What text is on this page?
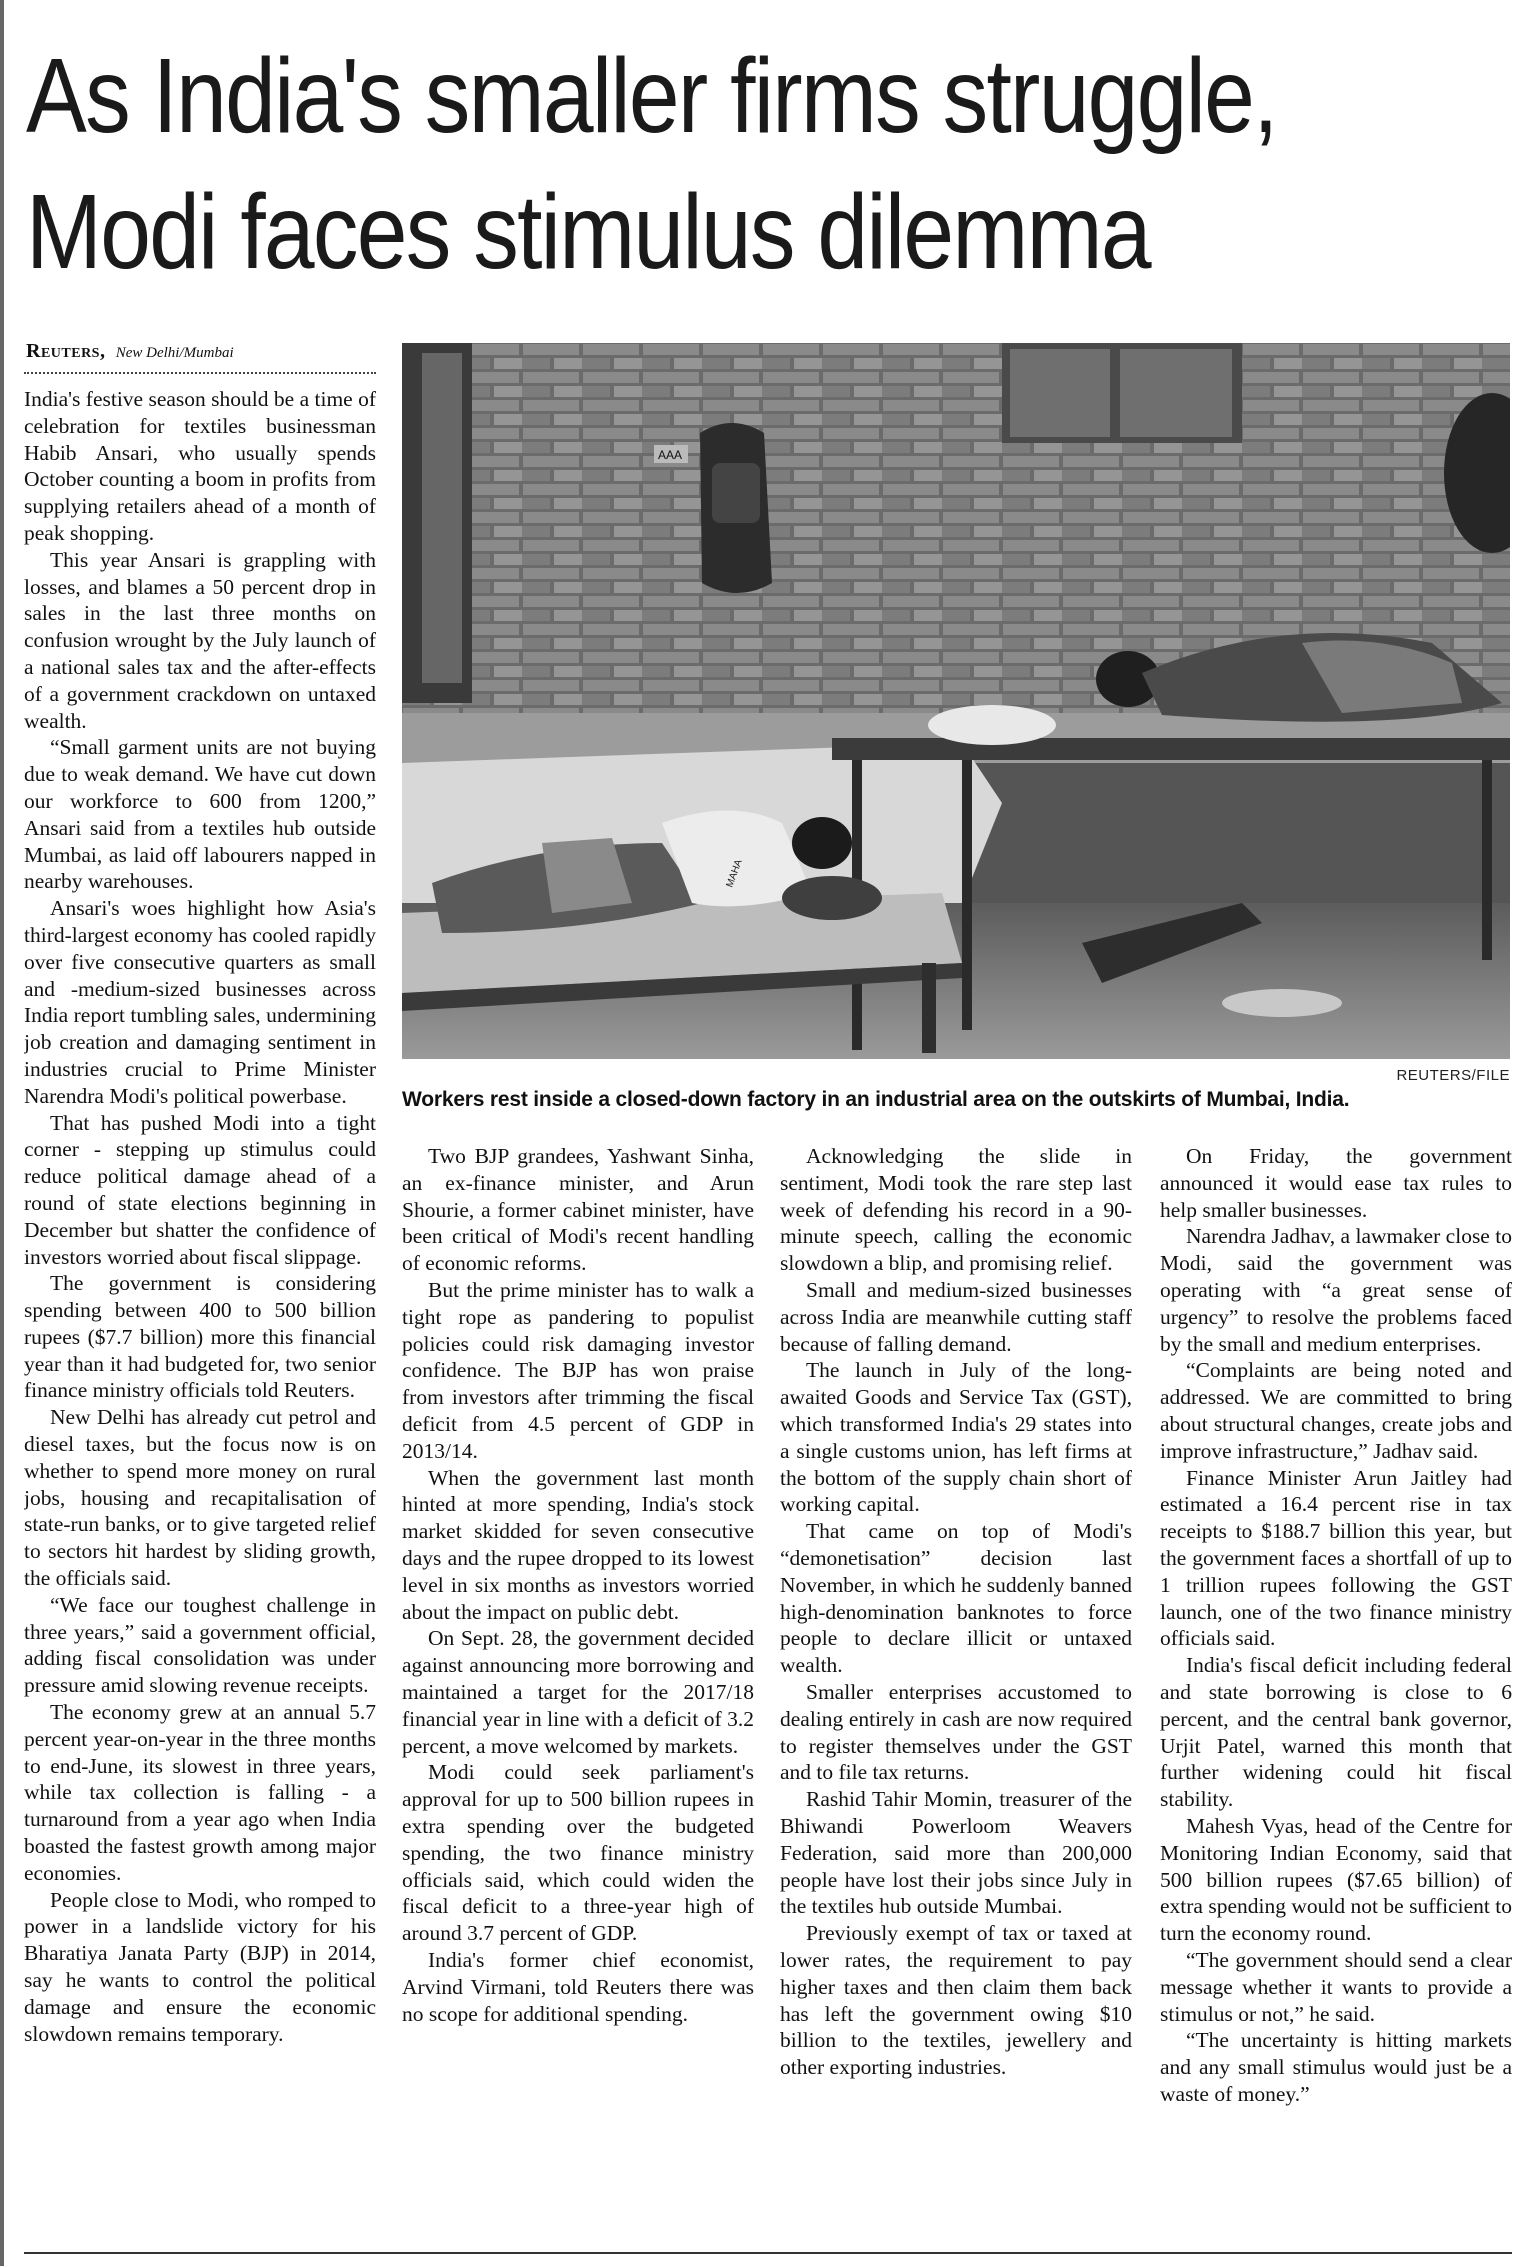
As India's smaller firms struggle,
Modi faces stimulus dilemma
Reuters, New Delhi/Mumbai
AAA
MAHA
REUTERS/FILE
Workers rest inside a closed-down factory in an industrial area on the outskirts of Mumbai, India.

India's festive season should be a time of celebration for textiles businessman Habib Ansari, who usually spends October counting a boom in profits from supplying retailers ahead of a month of peak shopping.

This year Ansari is grappling with losses, and blames a 50 percent drop in sales in the last three months on confusion wrought by the July launch of a national sales tax and the after-effects of a government crackdown on untaxed wealth.

“Small garment units are not buying due to weak demand. We have cut down our workforce to 600 from 1200,” Ansari said from a textiles hub outside Mumbai, as laid off labourers napped in nearby warehouses.

Ansari's woes highlight how Asia's third-largest economy has cooled rapidly over five consecutive quarters as small and -medium-sized businesses across India report tumbling sales, undermining job creation and damaging sentiment in industries crucial to Prime Minister Narendra Modi's political powerbase.

That has pushed Modi into a tight corner - stepping up stimulus could reduce political damage ahead of a round of state elections beginning in December but shatter the confidence of investors worried about fiscal slippage.

The government is considering spending between 400 to 500 billion rupees ($7.7 billion) more this financial year than it had budgeted for, two senior finance ministry officials told Reuters.

New Delhi has already cut petrol and diesel taxes, but the focus now is on whether to spend more money on rural jobs, housing and recapitalisation of state-run banks, or to give targeted relief to sectors hit hardest by sliding growth, the officials said.

“We face our toughest challenge in three years,” said a government official, adding fiscal consolidation was under pressure amid slowing revenue receipts.

The economy grew at an annual 5.7 percent year-on-year in the three months to end-June, its slowest in three years, while tax collection is falling - a turnaround from a year ago when India boasted the fastest growth among major economies.

People close to Modi, who romped to power in a landslide victory for his Bharatiya Janata Party (BJP) in 2014, say he wants to control the political damage and ensure the economic slowdown remains temporary.

Two BJP grandees, Yashwant Sinha, an ex-finance minister, and Arun Shourie, a former cabinet minister, have been critical of Modi's recent handling of economic reforms.

But the prime minister has to walk a tight rope as pandering to populist policies could risk damaging investor confidence. The BJP has won praise from investors after trimming the fiscal deficit from 4.5 percent of GDP in 2013/14.

When the government last month hinted at more spending, India's stock market skidded for seven consecutive days and the rupee dropped to its lowest level in six months as investors worried about the impact on public debt.

On Sept. 28, the government decided against announcing more borrowing and maintained a target for the 2017/18 financial year in line with a deficit of 3.2 percent, a move welcomed by markets.

Modi could seek parliament's approval for up to 500 billion rupees in extra spending over the budgeted spending, the two finance ministry officials said, which could widen the fiscal deficit to a three-year high of around 3.7 percent of GDP.

India's former chief economist, Arvind Virmani, told Reuters there was no scope for additional spending.

Acknowledging the slide in sentiment, Modi took the rare step last week of defending his record in a 90-minute speech, calling the economic slowdown a blip, and promising relief.

Small and medium-sized businesses across India are meanwhile cutting staff because of falling demand.

The launch in July of the long-awaited Goods and Service Tax (GST), which transformed India's 29 states into a single customs union, has left firms at the bottom of the supply chain short of working capital.

That came on top of Modi's “demonetisation” decision last November, in which he suddenly banned high-denomination banknotes to force people to declare illicit or untaxed wealth.

Smaller enterprises accustomed to dealing entirely in cash are now required to register themselves under the GST and to file tax returns.

Rashid Tahir Momin, treasurer of the Bhiwandi Powerloom Weavers Federation, said more than 200,000 people have lost their jobs since July in the textiles hub outside Mumbai.

Previously exempt of tax or taxed at lower rates, the requirement to pay higher taxes and then claim them back has left the government owing $10 billion to the textiles, jewellery and other exporting industries.

On Friday, the government announced it would ease tax rules to help smaller businesses.

Narendra Jadhav, a lawmaker close to Modi, said the government was operating with “a great sense of urgency” to resolve the problems faced by the small and medium enterprises.

“Complaints are being noted and addressed. We are committed to bring about structural changes, create jobs and improve infrastructure,” Jadhav said.

Finance Minister Arun Jaitley had estimated a 16.4 percent rise in tax receipts to $188.7 billion this year, but the government faces a shortfall of up to 1 trillion rupees following the GST launch, one of the two finance ministry officials said.

India's fiscal deficit including federal and state borrowing is close to 6 percent, and the central bank governor, Urjit Patel, warned this month that further widening could hit fiscal stability.

Mahesh Vyas, head of the Centre for Monitoring Indian Economy, said that 500 billion rupees ($7.65 billion) of extra spending would not be sufficient to turn the economy round.

“The government should send a clear message whether it wants to provide a stimulus or not,” he said.

“The uncertainty is hitting markets and any small stimulus would just be a waste of money.”
